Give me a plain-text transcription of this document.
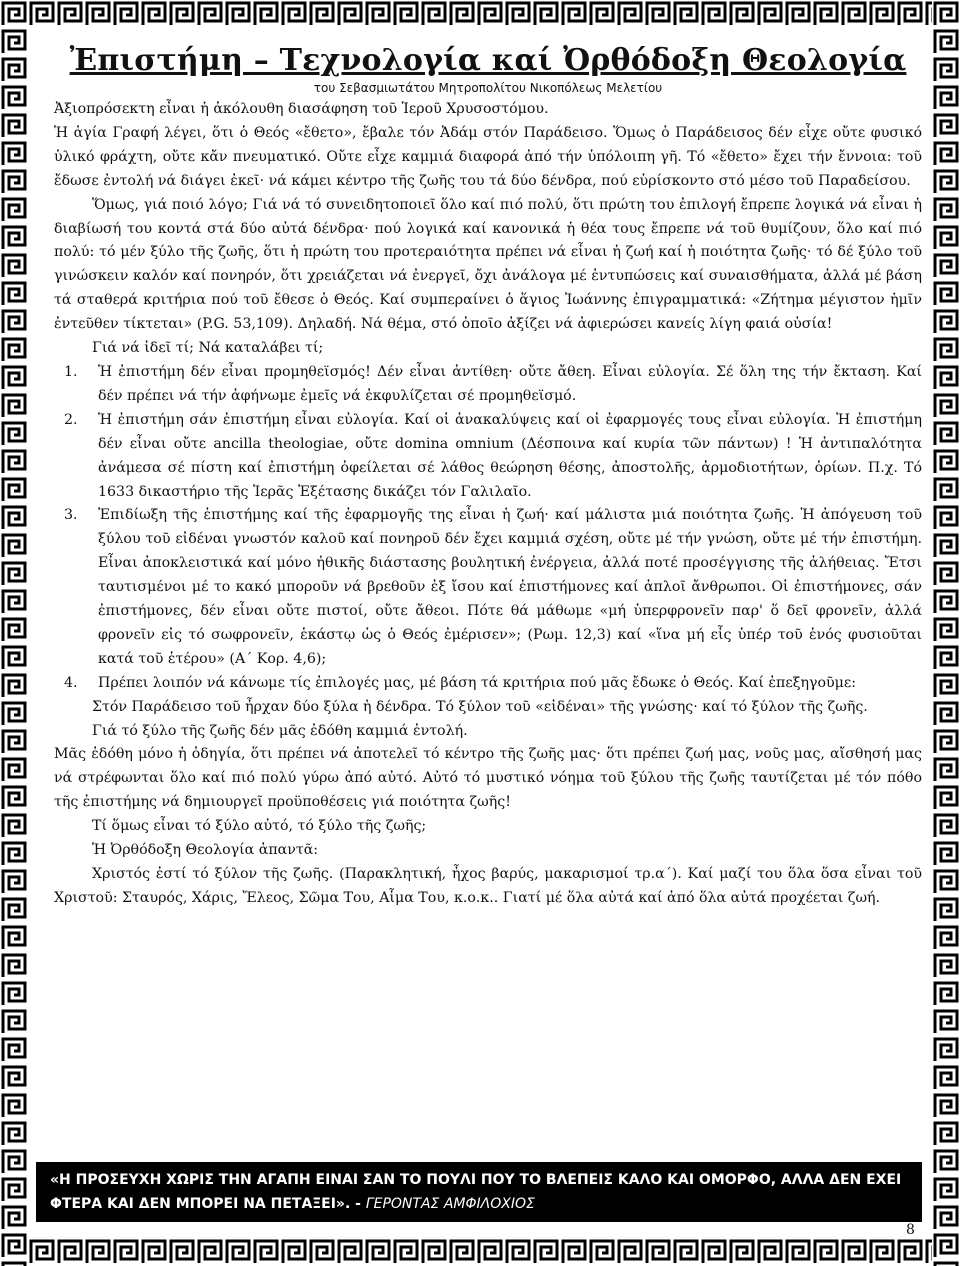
Ἐπιστήμη – Τεχνολογία καί Ὀρθόδοξη Θεολογία

του Σεβασμιωτάτου Μητροπολίτου Νικοπόλεως Μελετίου

Ἀξιοπρόσεκτη εἶναι ἡ ἀκόλουθη διασάφηση τοῦ Ἱεροῦ Χρυσοστόμου.

Ἡ ἁγία Γραφή λέγει, ὅτι ὁ Θεός «ἔθετο», ἔβαλε τόν Ἀδάμ στόν Παράδεισο. Ὅμως ὁ Παράδεισος δέν εἶχε οὔτε φυσικό ὑλικό φράχτη, οὔτε κἄν πνευματικό. Οὔτε εἶχε καμμιά διαφορά ἀπό τήν ὑπόλοιπη γῆ. Τό «ἔθετο» ἔχει τήν ἔννοια: τοῦ ἔδωσε ἐντολή νά διάγει ἐκεῖ· νά κάμει κέντρο τῆς ζωῆς του τά δύο δένδρα, πού εὑρίσκοντο στό μέσο τοῦ Παραδείσου.

Ὅμως, γιά ποιό λόγο; Γιά νά τό συνειδητοποιεῖ ὅλο καί πιό πολύ, ὅτι πρώτη του ἐπιλογή ἔπρεπε λογικά νά εἶναι ἡ διαβίωσή του κοντά στά δύο αὐτά δένδρα· πού λογικά καί κανονικά ἡ θέα τους ἔπρεπε νά τοῦ θυμίζουν, ὅλο καί πιό πολύ: τό μέν ξύλο τῆς ζωῆς, ὅτι ἡ πρώτη του προτεραιότητα πρέπει νά εἶναι ἡ ζωή καί ἡ ποιότητα ζωῆς· τό δέ ξύλο τοῦ γινώσκειν καλόν καί πονηρόν, ὅτι χρειάζεται νά ἐνεργεῖ, ὄχι ἀνάλογα μέ ἐντυπώσεις καί συναισθήματα, ἀλλά μέ βάση τά σταθερά κριτήρια πού τοῦ ἔθεσε ὁ Θεός. Καί συμπεραίνει ὁ ἅγιος Ἰωάννης ἐπιγραμματικά: «Ζήτημα μέγιστον ἡμῖν ἐντεῦθεν τίκτεται» (P.G. 53,109). Δηλαδή. Νά θέμα, στό ὁποῖο ἀξίζει νά ἀφιερώσει κανείς λίγη φαιά οὐσία!

Γιά νά ἰδεῖ τί; Νά καταλάβει τί;

1.	Ἡ ἐπιστήμη δέν εἶναι προμηθεϊσμός! Δέν εἶναι ἀντίθεη· οὔτε ἄθεη. Εἶναι εὐλογία. Σέ ὅλη της τήν ἔκταση. Καί δέν πρέπει νά τήν ἀφήνωμε ἐμεῖς νά ἐκφυλίζεται σέ προμηθεϊσμό.
2.	Ἡ ἐπιστήμη σάν ἐπιστήμη εἶναι εὐλογία. Καί οἱ ἀνακαλύψεις καί οἱ ἐφαρμογές τους εἶναι εὐλογία. Ἡ ἐπιστήμη δέν εἶναι οὔτε ancilla theologiae, οὔτε domina omnium (Δέσποινα καί κυρία τῶν πάντων) ! Ἡ ἀντιπαλότητα ἀνάμεσα σέ πίστη καί ἐπιστήμη ὀφείλεται σέ λάθος θεώρηση θέσης, ἀποστολῆς, ἁρμοδιοτήτων, ὁρίων. Π.χ. Τό 1633 δικαστήριο τῆς Ἱερᾶς Ἐξέτασης δικάζει τόν Γαλιλαῖο.
3.	Ἐπιδίωξη τῆς ἐπιστήμης καί τῆς ἐφαρμογῆς της εἶναι ἡ ζωή· καί μάλιστα μιά ποιότητα ζωῆς. Ἡ ἀπόγευση τοῦ ξύλου τοῦ εἰδέναι γνωστόν καλοῦ καί πονηροῦ δέν ἔχει καμμιά σχέση, οὔτε μέ τήν γνώση, οὔτε μέ τήν ἐπιστήμη. Εἶναι ἀποκλειστικά καί μόνο ἠθικῆς διάστασης βουλητική ἐνέργεια, ἀλλά ποτέ προσέγγισης τῆς ἀλήθειας. Ἔτσι ταυτισμένοι μέ το κακό μποροῦν νά βρεθοῦν ἐξ ἴσου καί ἐπιστήμονες καί ἁπλοῖ ἄνθρωποι. Οἱ ἐπιστήμονες, σάν ἐπιστήμονες, δέν εἶναι οὔτε πιστοί, οὔτε ἄθεοι. Πότε θά μάθωμε «μή ὑπερφρονεῖν παρ' ὅ δεῖ φρονεῖν, ἀλλά φρονεῖν εἰς τό σωφρονεῖν, ἑκάστῳ ὡς ὁ Θεός ἐμέρισεν»; (Ρωμ. 12,3) καί «ἵνα μή εἷς ὑπέρ τοῦ ἑνός φυσιοῦται κατά τοῦ ἑτέρου» (Α΄ Κορ. 4,6);
4.	Πρέπει λοιπόν νά κάνωμε τίς ἐπιλογές μας, μέ βάση τά κριτήρια πού μᾶς ἔδωκε ὁ Θεός. Καί ἐπεξηγοῦμε:

Στόν Παράδεισο τοῦ ἦρχαν δύο ξύλα ἡ δένδρα. Τό ξύλον τοῦ «εἰδέναι» τῆς γνώσης· καί τό ξύλον τῆς ζωῆς.

Γιά τό ξύλο τῆς ζωῆς δέν μᾶς ἐδόθη καμμιά ἐντολή.

Μᾶς ἐδόθη μόνο ἡ ὁδηγία, ὅτι πρέπει νά ἀποτελεῖ τό κέντρο τῆς ζωῆς μας· ὅτι πρέπει ζωή μας, νοῦς μας, αἴσθησή μας νά στρέφωνται ὅλο καί πιό πολύ γύρω ἀπό αὐτό. Αὐτό τό μυστικό νόημα τοῦ ξύλου τῆς ζωῆς ταυτίζεται μέ τόν πόθο τῆς ἐπιστήμης νά δημιουργεῖ προϋποθέσεις γιά ποιότητα ζωῆς!

Τί ὅμως εἶναι τό ξύλο αὐτό, τό ξύλο τῆς ζωῆς;

Ἡ Ὀρθόδοξη Θεολογία ἀπαντᾶ:

Χριστός ἐστί τό ξύλον τῆς ζωῆς. (Παρακλητική, ἦχος βαρύς, μακαρισμοί τρ.α΄). Καί μαζί του ὅλα ὅσα εἶναι τοῦ Χριστοῦ: Σταυρός, Χάρις, Ἔλεος, Σῶμα Του, Αἷμα Του, κ.ο.κ.. Γιατί μέ ὅλα αὐτά καί ἀπό ὅλα αὐτά προχέεται ζωή.

«Η ΠΡΟΣΕΥΧΗ ΧΩΡΙΣ ΤΗΝ ΑΓΑΠΗ ΕΙΝΑΙ ΣΑΝ ΤΟ ΠΟΥΛΙ ΠΟΥ ΤΟ ΒΛΕΠΕΙΣ ΚΑΛΟ ΚΑΙ ΟΜΟΡΦΟ, ΑΛΛΑ ΔΕΝ ΕΧΕΙ ΦΤΕΡΑ ΚΑΙ ΔΕΝ ΜΠΟΡΕΙ ΝΑ ΠΕΤΑΞΕΙ». - ΓΕΡΟΝΤΑΣ ΑΜΦΙΛΟΧΙΟΣ
8
